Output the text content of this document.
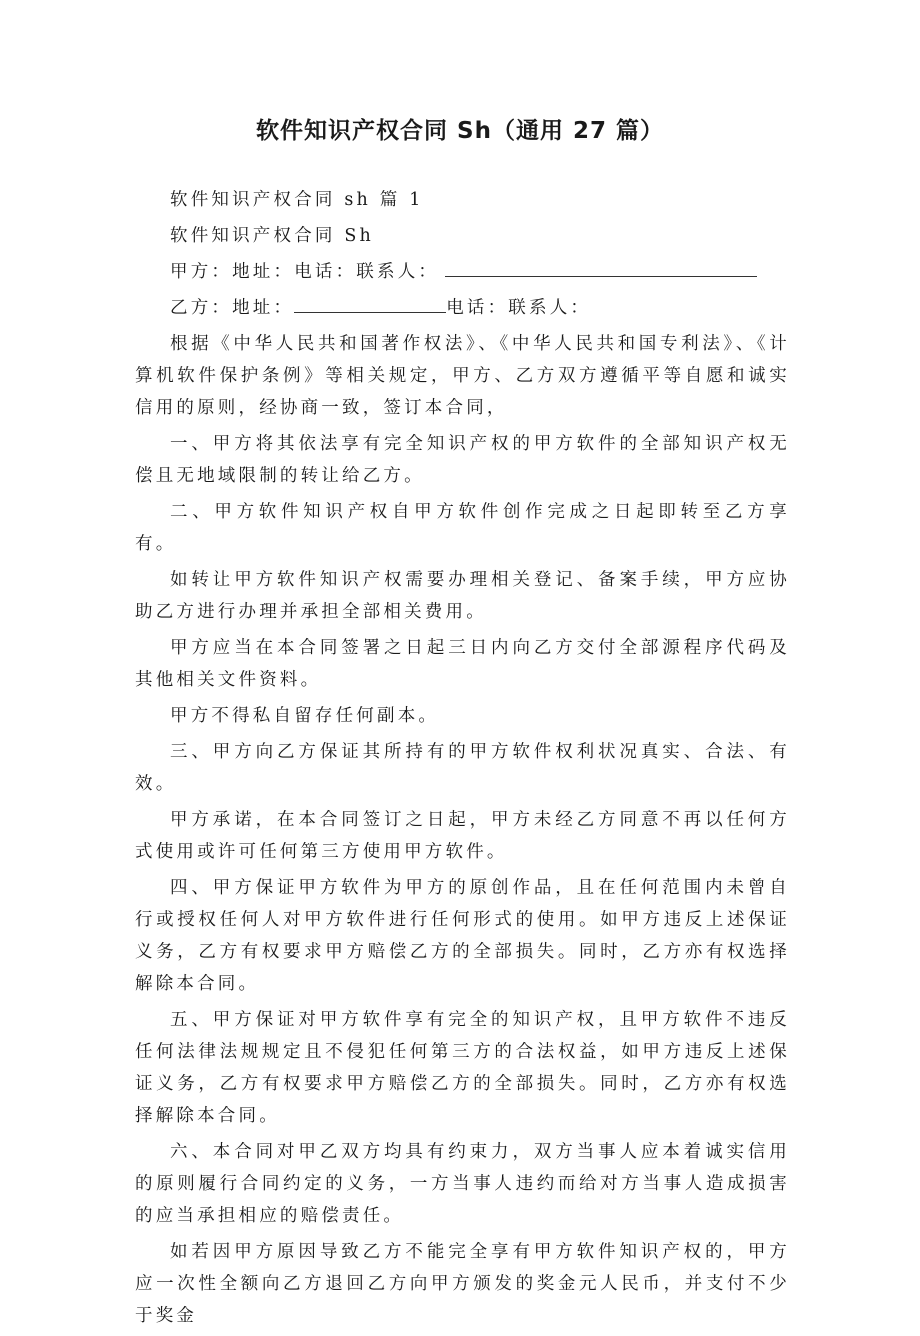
软件知识产权合同 Sh（通用 27 篇）

软件知识产权合同 sh 篇 1

软件知识产权合同 Sh

甲方：地址：电话：联系人：

乙方：地址：	电话：联系人：

根据《中华人民共和国著作权法》、《中华人民共和国专利法》、《计算机软件保护条例》等相关规定，甲方、乙方双方遵循平等自愿和诚实信用的原则，经协商一致，签订本合同，

一、甲方将其依法享有完全知识产权的甲方软件的全部知识产权无偿且无地域限制的转让给乙方。

二、甲方软件知识产权自甲方软件创作完成之日起即转至乙方享有。

如转让甲方软件知识产权需要办理相关登记、备案手续，甲方应协助乙方进行办理并承担全部相关费用。

甲方应当在本合同签署之日起三日内向乙方交付全部源程序代码及其他相关文件资料。

甲方不得私自留存任何副本。

三、甲方向乙方保证其所持有的甲方软件权利状况真实、合法、有效。

甲方承诺，在本合同签订之日起，甲方未经乙方同意不再以任何方式使用或许可任何第三方使用甲方软件。

四、甲方保证甲方软件为甲方的原创作品，且在任何范围内未曾自行或授权任何人对甲方软件进行任何形式的使用。如甲方违反上述保证义务，乙方有权要求甲方赔偿乙方的全部损失。同时，乙方亦有权选择解除本合同。

五、甲方保证对甲方软件享有完全的知识产权，且甲方软件不违反任何法律法规规定且不侵犯任何第三方的合法权益，如甲方违反上述保证义务，乙方有权要求甲方赔偿乙方的全部损失。同时，乙方亦有权选择解除本合同。

六、本合同对甲乙双方均具有约束力，双方当事人应本着诚实信用的原则履行合同约定的义务，一方当事人违约而给对方当事人造成损害的应当承担相应的赔偿责任。

如若因甲方原因导致乙方不能完全享有甲方软件知识产权的，甲方应一次性全额向乙方退回乙方向甲方颁发的奖金元人民币，并支付不少于奖金
